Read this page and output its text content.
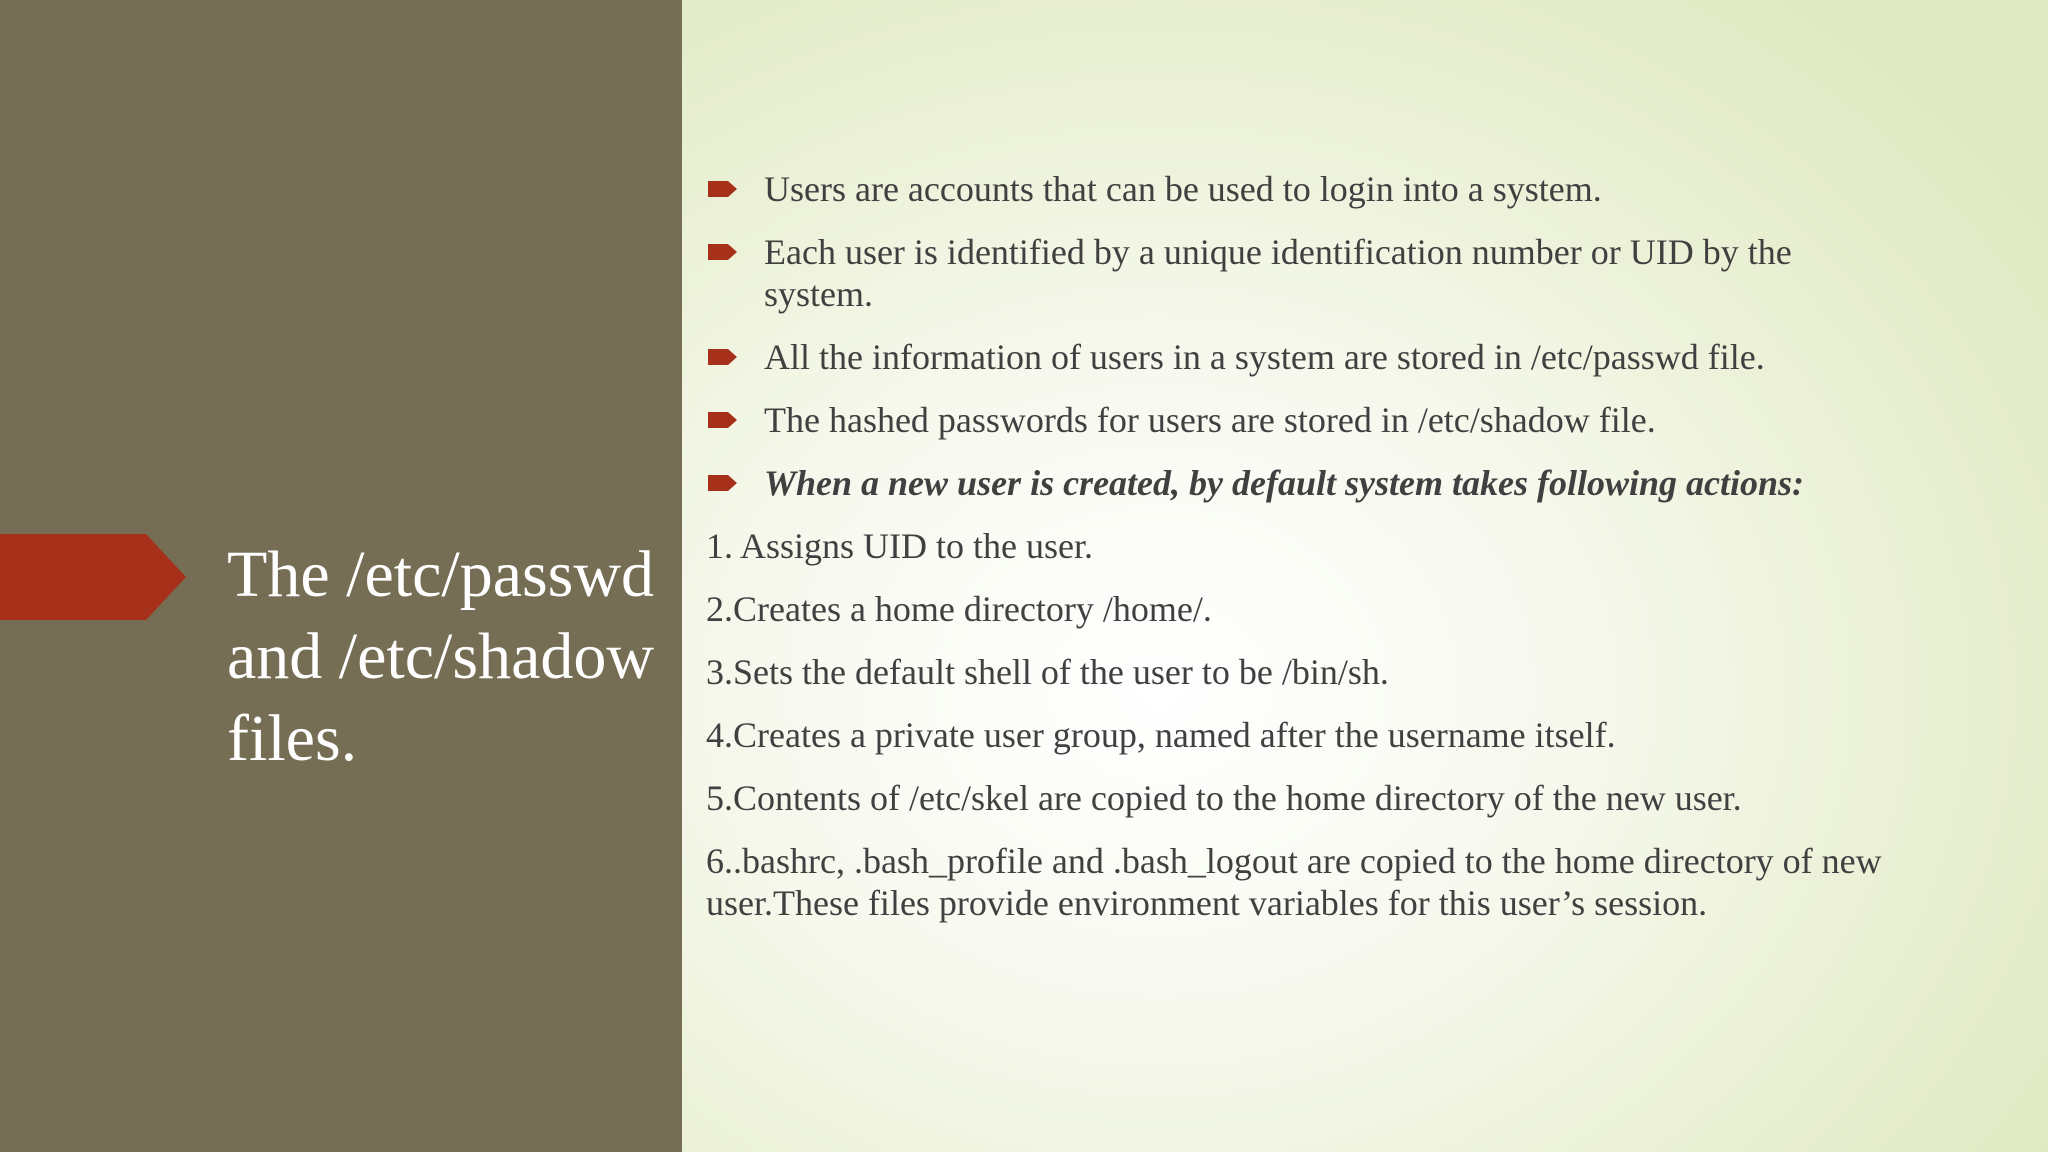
The /etc/passwd and /etc/shadow files.
Users are accounts that can be used to login into a system.
Each user is identified by a unique identification number or UID by the system.
All the information of users in a system are stored in /etc/passwd file.
The hashed passwords for users are stored in /etc/shadow file.
When a new user is created, by default system takes following actions:

1. Assigns UID to the user.

2.Creates a home directory /home/.

3.Sets the default shell of the user to be /bin/sh.

4.Creates a private user group, named after the username itself.

5.Contents of /etc/skel are copied to the home directory of the new user.

6..bashrc, .bash_profile and .bash_logout are copied to the home directory of new user.These files provide environment variables for this user’s session.
